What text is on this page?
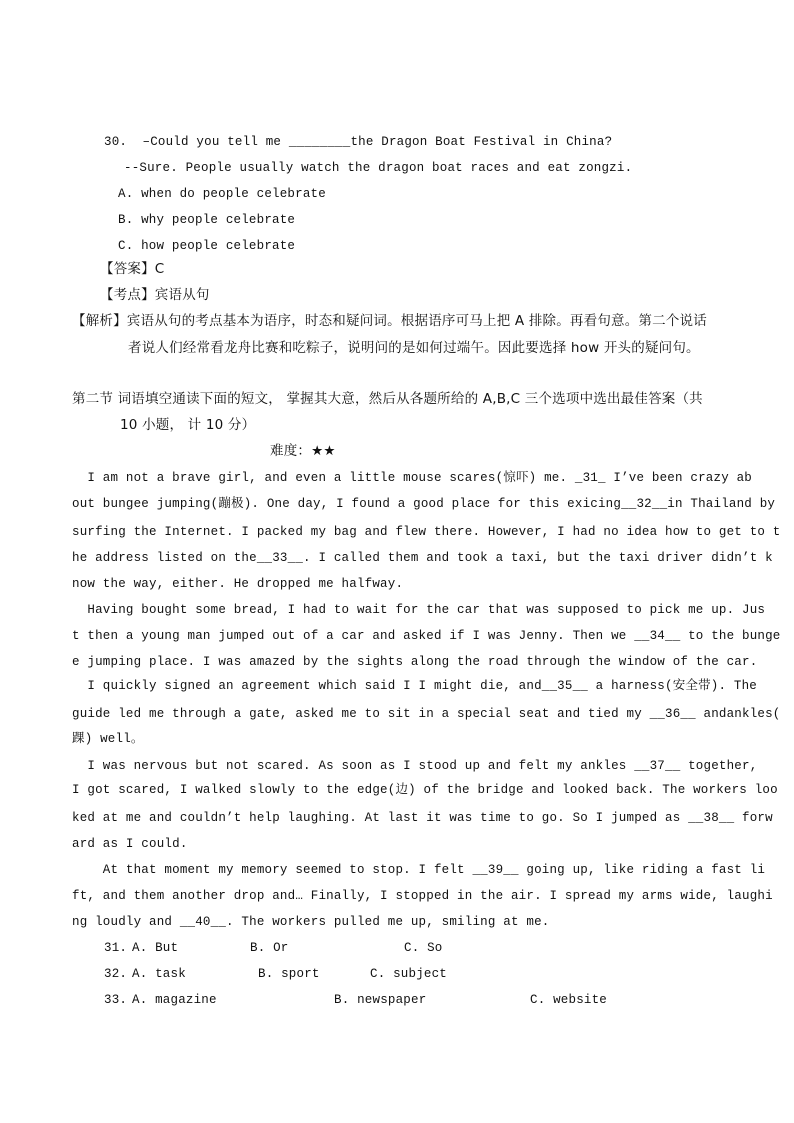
30.  –Could you tell me ________the Dragon Boat Festival in China?
--Sure. People usually watch the dragon boat races and eat zongzi.
A. when do people celebrate
B. why people celebrate
C. how people celebrate
【答案】C
【考点】宾语从句
【解析】宾语从句的考点基本为语序，时态和疑问词。根据语序可马上把 A 排除。再看句意。第二个说话
者说人们经常看龙舟比赛和吃粽子，说明问的是如何过端午。因此要选择 how 开头的疑问句。
第二节 词语填空通读下面的短文， 掌握其大意，然后从各题所给的 A,B,C 三个选项中选出最佳答案（共
10 小题， 计 10 分）
难度：★★
I am not a brave girl, and even a little mouse scares(惊吓) me. _31_ I’ve been crazy ab
out bungee jumping(蹦极). One day, I found a good place for this exicing__32__in Thailand by
surfing the Internet. I packed my bag and flew there. However, I had no idea how to get to t
he address listed on the__33__. I called them and took a taxi, but the taxi driver didn’t k
now the way, either. He dropped me halfway.
Having bought some bread, I had to wait for the car that was supposed to pick me up. Jus
t then a young man jumped out of a car and asked if I was Jenny. Then we __34__ to the bunge
e jumping place. I was amazed by the sights along the road through the window of the car.
I quickly signed an agreement which said I I might die, and__35__ a harness(安全带). The
guide led me through a gate, asked me to sit in a special seat and tied my __36__ andankles(
踝) well。
I was nervous but not scared. As soon as I stood up and felt my ankles __37__ together,
I got scared, I walked slowly to the edge(边) of the bridge and looked back. The workers loo
ked at me and couldn’t help laughing. At last it was time to go. So I jumped as __38__ forw
ard as I could.
At that moment my memory seemed to stop. I felt __39__ going up, like riding a fast li
ft, and them another drop and… Finally, I stopped in the air. I spread my arms wide, laughi
ng loudly and __40__. The workers pulled me up, smiling at me.
31. A. But	B. Or	C. So
32. A. task	B. sport	C. subject
33. A. magazine	B. newspaper	C. website
